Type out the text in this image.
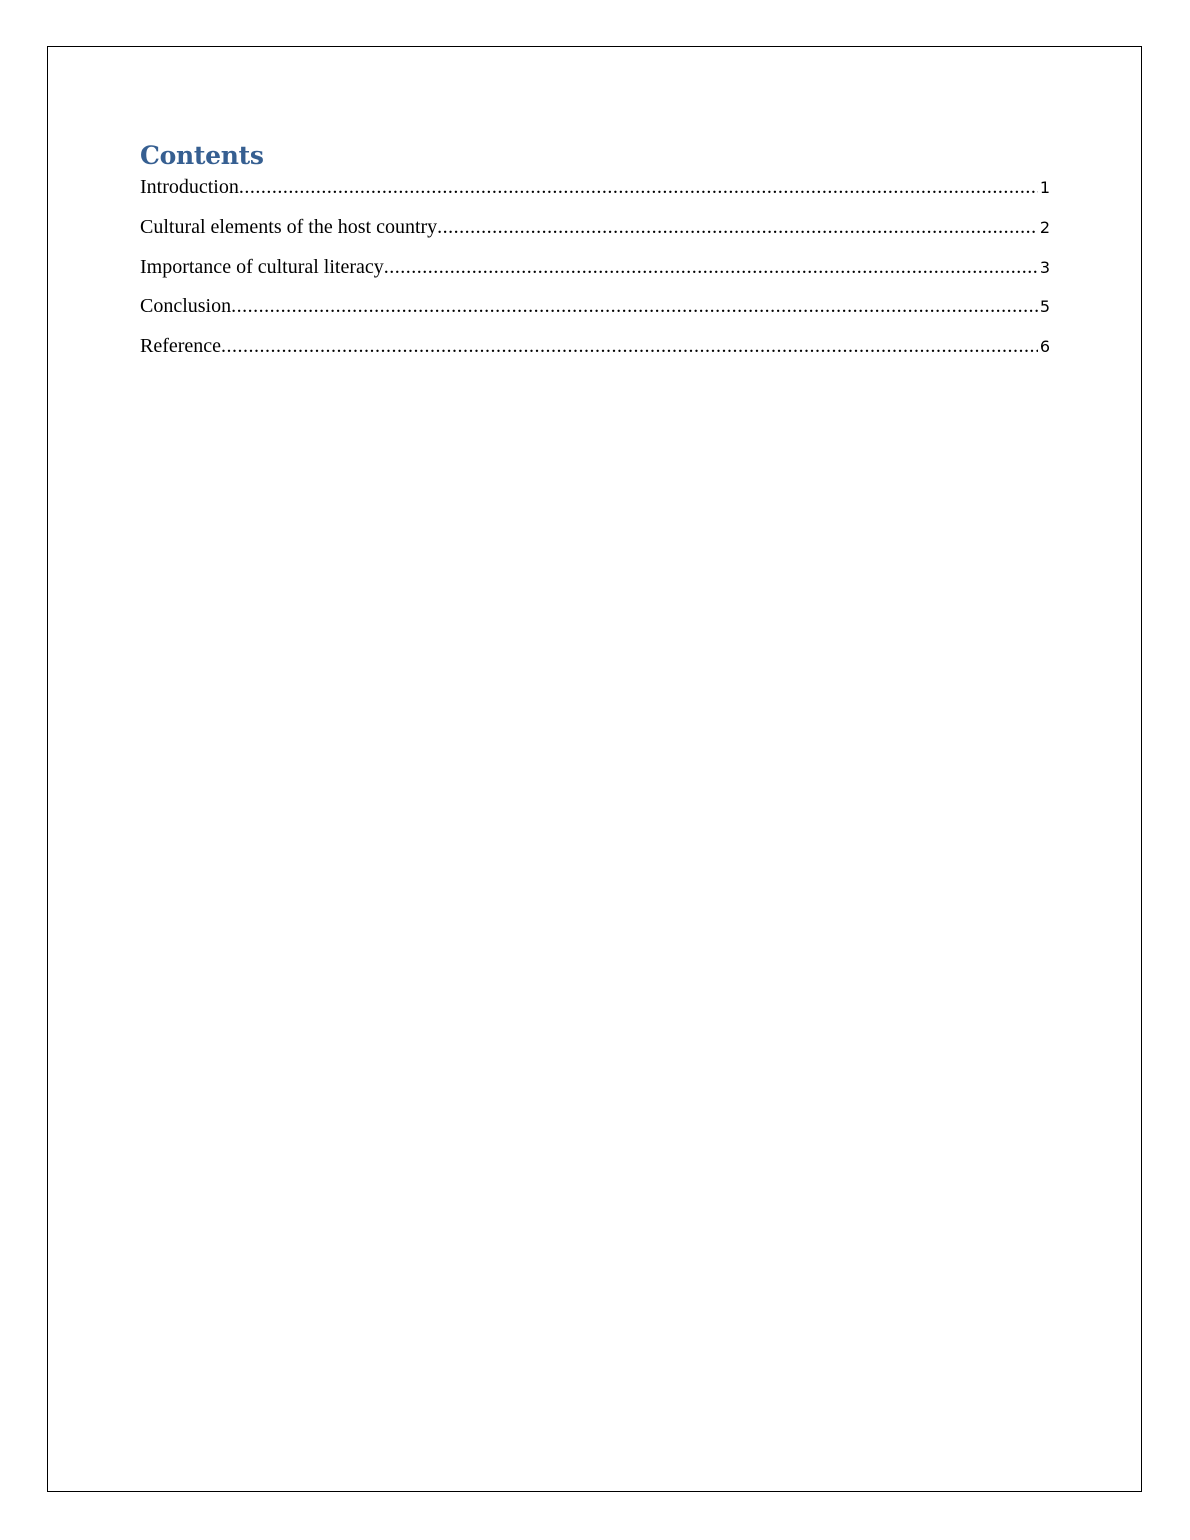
Contents
Introduction .....	1
Cultural elements of the host country .....	2
Importance of cultural literacy .....	3
Conclusion .....	5
Reference .....	6
